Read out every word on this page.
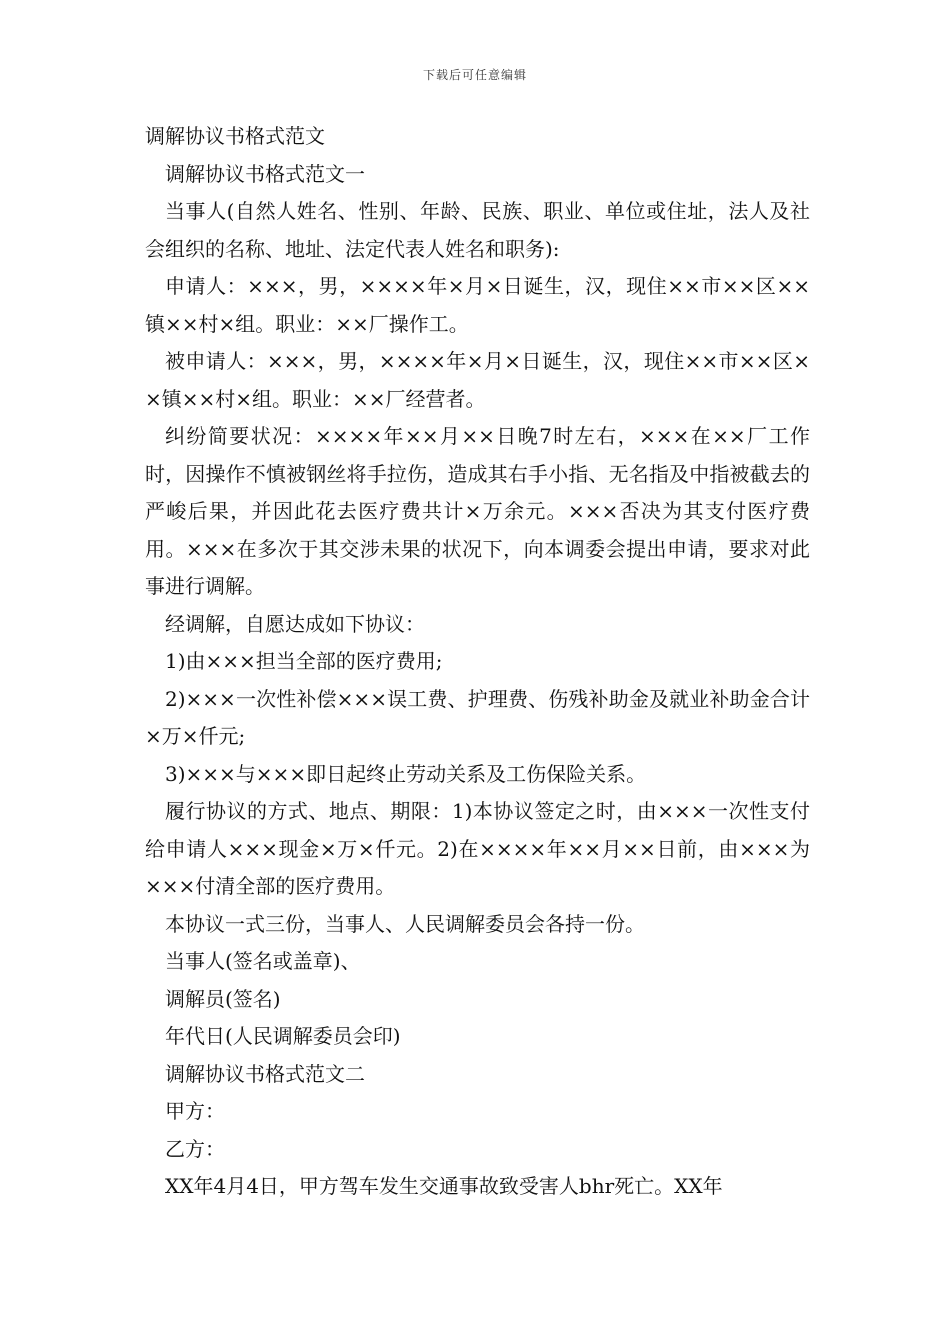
下载后可任意编辑

调解协议书格式范文

调解协议书格式范文一

当事人(自然人姓名、性别、年龄、民族、职业、单位或住址，法人及社会组织的名称、地址、法定代表人姓名和职务):

申请人：×××，男，××××年×月×日诞生，汉，现住××市××区××镇××村×组。职业：××厂操作工。

被申请人：×××，男，××××年×月×日诞生，汉，现住××市××区××镇××村×组。职业：××厂经营者。

纠纷简要状况：××××年××月××日晚7时左右，×××在××厂工作时，因操作不慎被钢丝将手拉伤，造成其右手小指、无名指及中指被截去的严峻后果，并因此花去医疗费共计×万余元。×××否决为其支付医疗费用。×××在多次于其交涉未果的状况下，向本调委会提出申请，要求对此事进行调解。

经调解，自愿达成如下协议：

1)由×××担当全部的医疗费用;

2)×××一次性补偿×××误工费、护理费、伤残补助金及就业补助金合计×万×仟元;

3)×××与×××即日起终止劳动关系及工伤保险关系。

履行协议的方式、地点、期限：1)本协议签定之时，由×××一次性支付给申请人×××现金×万×仟元。2)在××××年××月××日前，由×××为×××付清全部的医疗费用。

本协议一式三份，当事人、人民调解委员会各持一份。

当事人(签名或盖章)、

调解员(签名)

年代日(人民调解委员会印)

调解协议书格式范文二

甲方：

乙方：

XX年4月4日，甲方驾车发生交通事故致受害人bhr死亡。XX年
